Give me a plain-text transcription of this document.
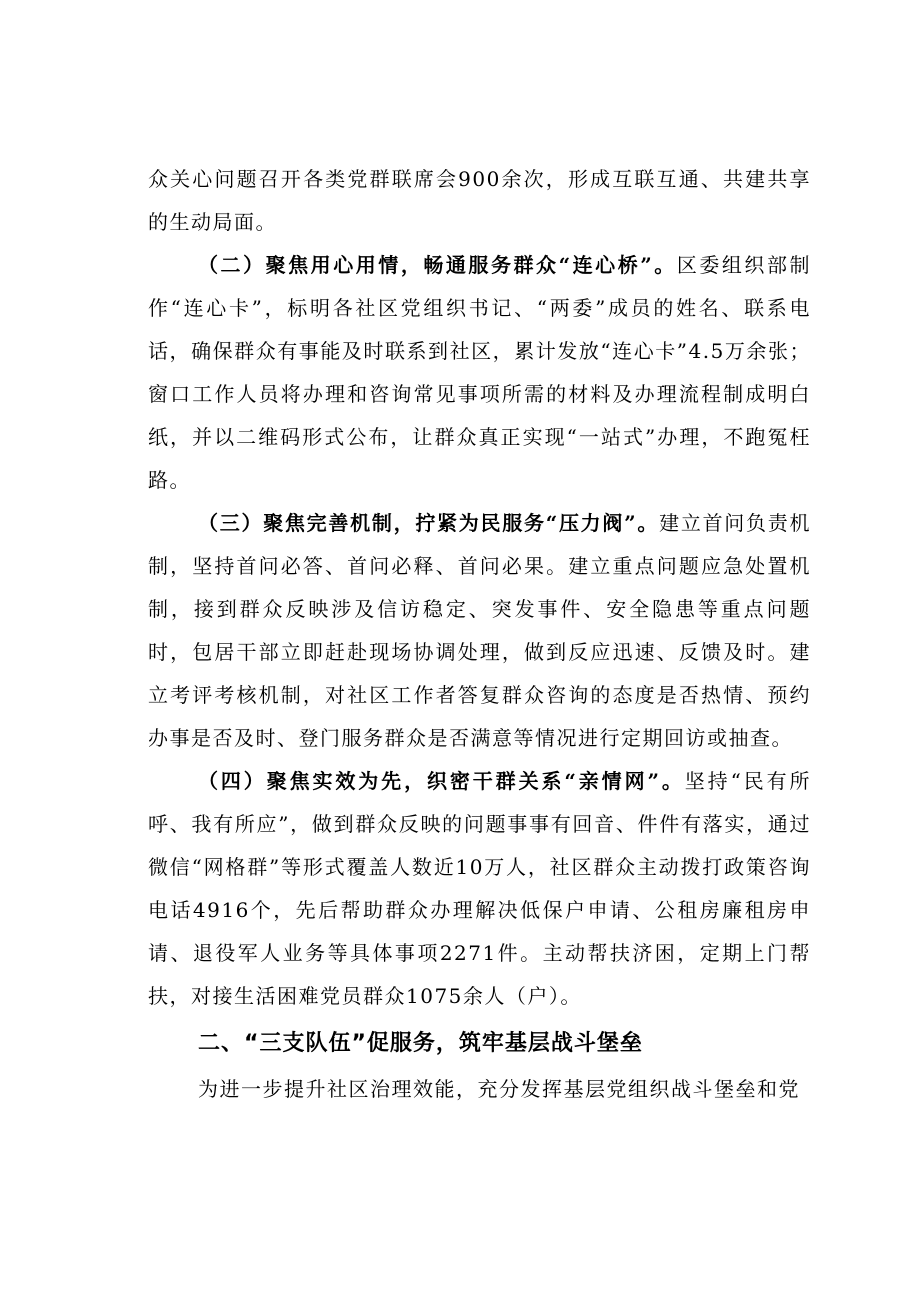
众关心问题召开各类党群联席会900余次，形成互联互通、共建共享的生动局面。

（二）聚焦用心用情，畅通服务群众“连心桥”。区委组织部制作“连心卡”，标明各社区党组织书记、“两委”成员的姓名、联系电话，确保群众有事能及时联系到社区，累计发放“连心卡”4.5万余张；窗口工作人员将办理和咨询常见事项所需的材料及办理流程制成明白纸，并以二维码形式公布，让群众真正实现“一站式”办理，不跑冤枉路。

（三）聚焦完善机制，拧紧为民服务“压力阀”。建立首问负责机制，坚持首问必答、首问必释、首问必果。建立重点问题应急处置机制，接到群众反映涉及信访稳定、突发事件、安全隐患等重点问题时，包居干部立即赶赴现场协调处理，做到反应迅速、反馈及时。建立考评考核机制，对社区工作者答复群众咨询的态度是否热情、预约办事是否及时、登门服务群众是否满意等情况进行定期回访或抽查。

（四）聚焦实效为先，织密干群关系“亲情网”。坚持“民有所呼、我有所应”，做到群众反映的问题事事有回音、件件有落实，通过微信“网格群”等形式覆盖人数近10万人，社区群众主动拨打政策咨询电话4916个，先后帮助群众办理解决低保户申请、公租房廉租房申请、退役军人业务等具体事项2271件。主动帮扶济困，定期上门帮扶，对接生活困难党员群众1075余人（户）。

二、“三支队伍”促服务，筑牢基层战斗堡垒

为进一步提升社区治理效能，充分发挥基层党组织战斗堡垒和党
